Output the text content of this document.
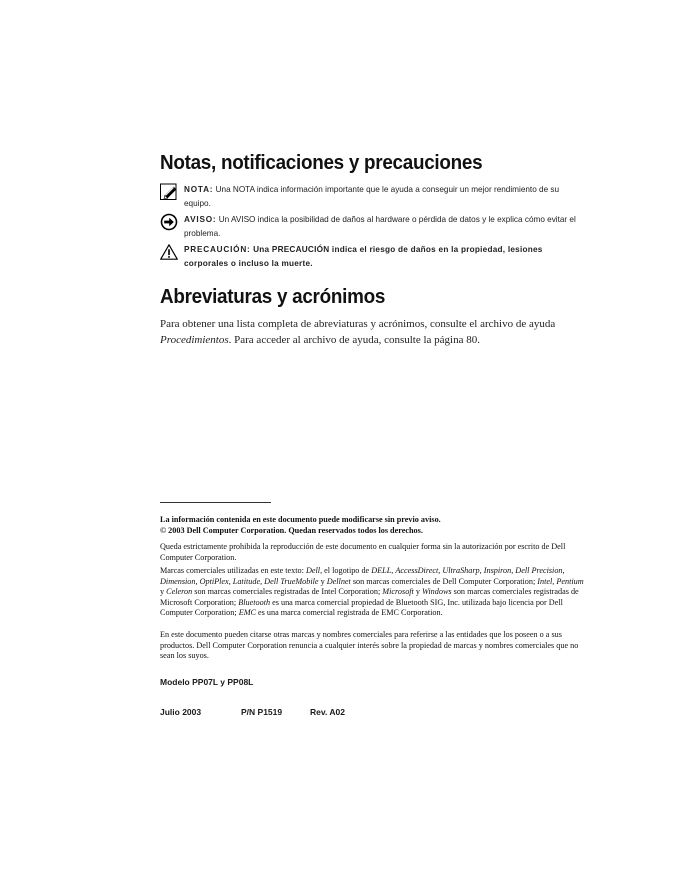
Notas, notificaciones y precauciones
NOTA: Una NOTA indica información importante que le ayuda a conseguir un mejor rendimiento de su equipo.
AVISO: Un AVISO indica la posibilidad de daños al hardware o pérdida de datos y le explica cómo evitar el problema.
PRECAUCIÓN: Una PRECAUCIÓN indica el riesgo de daños en la propiedad, lesiones corporales o incluso la muerte.
Abreviaturas y acrónimos

Para obtener una lista completa de abreviaturas y acrónimos, consulte el archivo de ayuda Procedimientos. Para acceder al archivo de ayuda, consulte la página 80.

La información contenida en este documento puede modificarse sin previo aviso.
© 2003 Dell Computer Corporation. Quedan reservados todos los derechos.
Queda estrictamente prohibida la reproducción de este documento en cualquier forma sin la autorización por escrito de Dell Computer Corporation.
Marcas comerciales utilizadas en este texto: Dell, el logotipo de DELL, AccessDirect, UltraSharp, Inspiron, Dell Precision, Dimension, OptiPlex, Latitude, Dell TrueMobile y Dellnet son marcas comerciales de Dell Computer Corporation; Intel, Pentium y Celeron son marcas comerciales registradas de Intel Corporation; Microsoft y Windows son marcas comerciales registradas de Microsoft Corporation; Bluetooth es una marca comercial propiedad de Bluetooth SIG, Inc. utilizada bajo licencia por Dell Computer Corporation; EMC es una marca comercial registrada de EMC Corporation.
En este documento pueden citarse otras marcas y nombres comerciales para referirse a las entidades que los poseen o a sus productos. Dell Computer Corporation renuncia a cualquier interés sobre la propiedad de marcas y nombres comerciales que no sean los suyos.
Modelo PP07L y PP08L
Julio 2003	P/N P1519	Rev. A02
